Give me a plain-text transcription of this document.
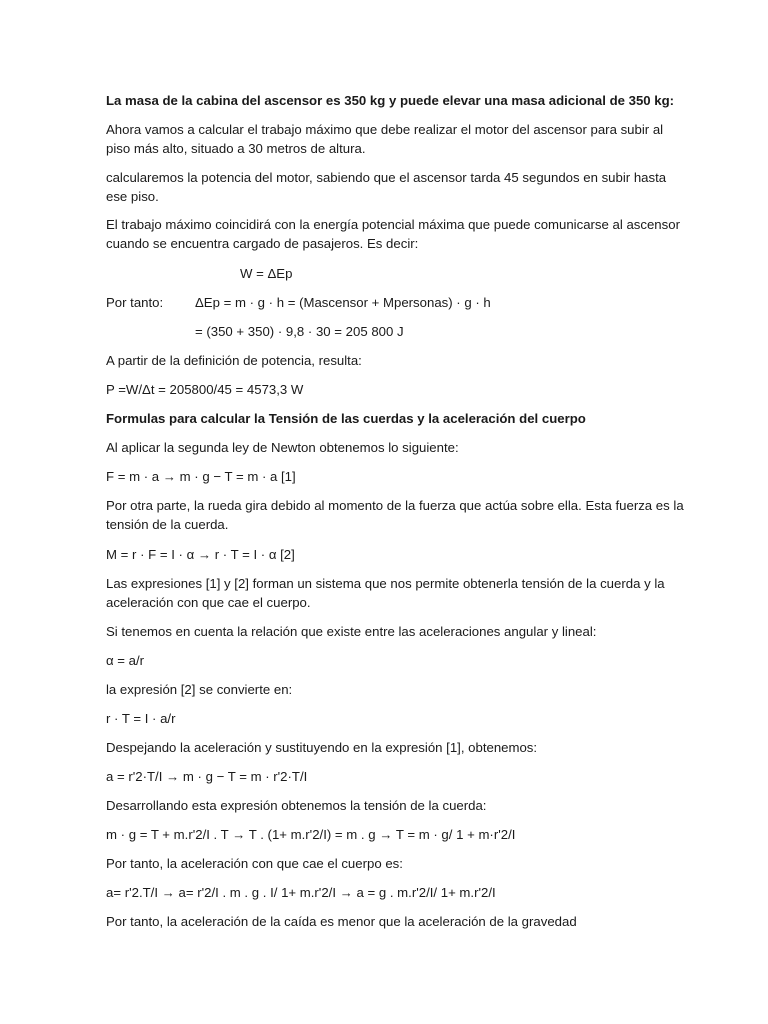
La masa de la cabina del ascensor es 350 kg y puede elevar una masa adicional de 350 kg:
Ahora vamos a calcular el trabajo máximo que debe realizar el motor del ascensor para subir al
piso más alto, situado a 30 metros de altura.
calcularemos la potencia del motor, sabiendo que el ascensor tarda 45 segundos en subir hasta
ese piso.
El trabajo máximo coincidirá con la energía potencial máxima que puede comunicarse al ascensor
cuando se encuentra cargado de pasajeros. Es decir:
W = ΔEp
Por tanto:	ΔEp = m · g · h = (Mascensor + Mpersonas) · g · h
= (350 + 350) · 9,8 · 30 = 205 800 J
A partir de la definición de potencia, resulta:
P =W/Δt = 205800/45 = 4573,3 W
Formulas para calcular la Tensión de las cuerdas y la aceleración del cuerpo
Al aplicar la segunda ley de Newton obtenemos lo siguiente:
F = m · a → m · g − T = m · a [1]
Por otra parte, la rueda gira debido al momento de la fuerza que actúa sobre ella. Esta fuerza es la
tensión de la cuerda.
M = r · F = I · α → r · T = I · α [2]
Las expresiones [1] y [2] forman un sistema que nos permite obtenerla tensión de la cuerda y la
aceleración con que cae el cuerpo.
Si tenemos en cuenta la relación que existe entre las aceleraciones angular y lineal:
α = a/r
la expresión [2] se convierte en:
r · T = I · a/r
Despejando la aceleración y sustituyendo en la expresión [1], obtenemos:
a = r'2·T/I → m · g − T = m · r'2·T/I
Desarrollando esta expresión obtenemos la tensión de la cuerda:
m · g = T + m.r'2/I . T → T . (1+ m.r'2/I) = m . g → T = m · g/ 1 + m·r'2/I
Por tanto, la aceleración con que cae el cuerpo es:
a= r'2.T/I → a= r'2/I . m . g . I/ 1+ m.r'2/I → a = g . m.r'2/I/ 1+ m.r'2/I
Por tanto, la aceleración de la caída es menor que la aceleración de la gravedad
